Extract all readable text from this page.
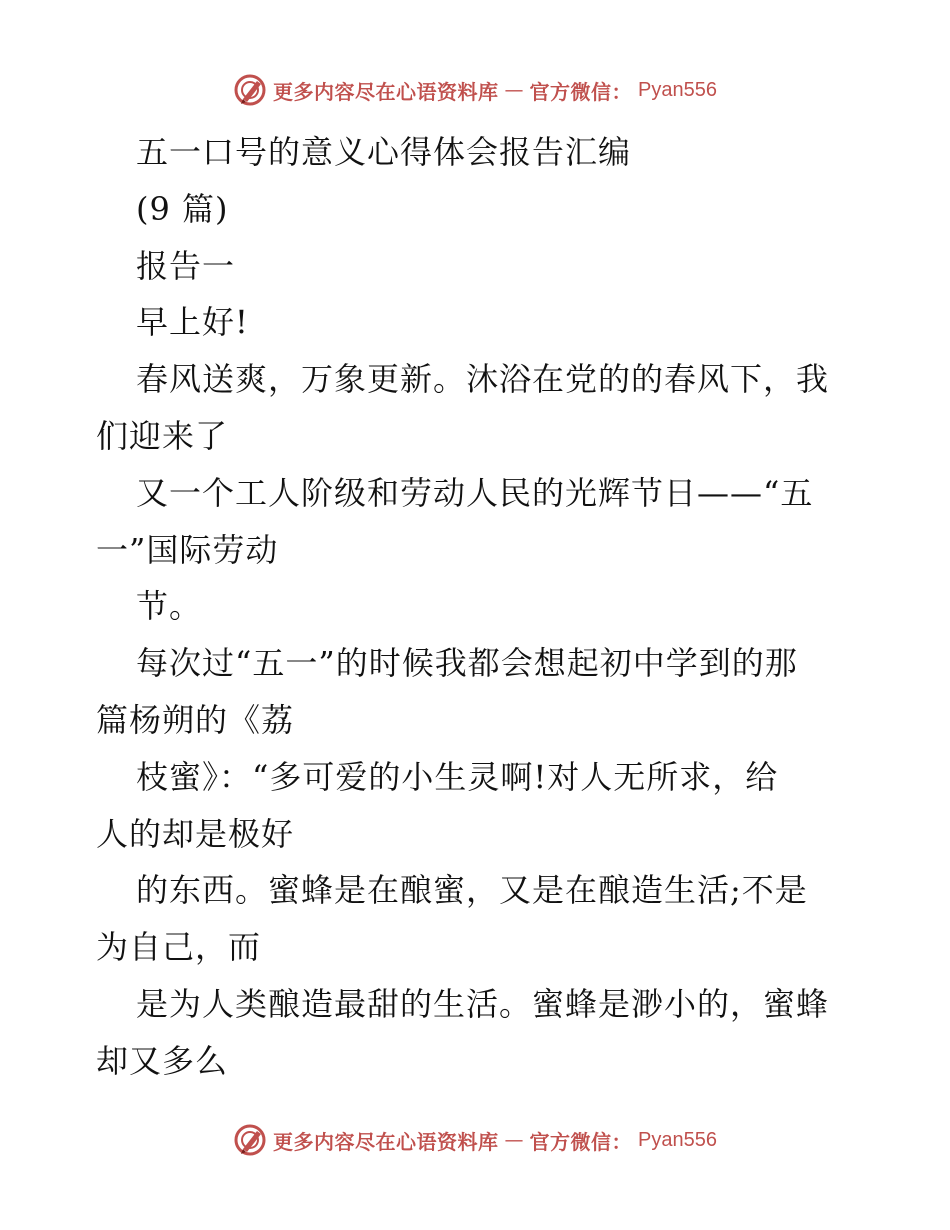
更多内容尽在心语资料库 — 官方微信： Pyan556

五一口号的意义心得体会报告汇编

(9 篇)

报告一

早上好!

春风送爽，万象更新。沐浴在党的的春风下，我

们迎来了

又一个工人阶级和劳动人民的光辉节日——“五

一”国际劳动

节。

每次过“五一”的时候我都会想起初中学到的那

篇杨朔的《荔

枝蜜》：“多可爱的小生灵啊!对人无所求，给

人的却是极好

的东西。蜜蜂是在酿蜜，又是在酿造生活;不是

为自己，而

是为人类酿造最甜的生活。蜜蜂是渺小的，蜜蜂

却又多么

更多内容尽在心语资料库 — 官方微信： Pyan556
